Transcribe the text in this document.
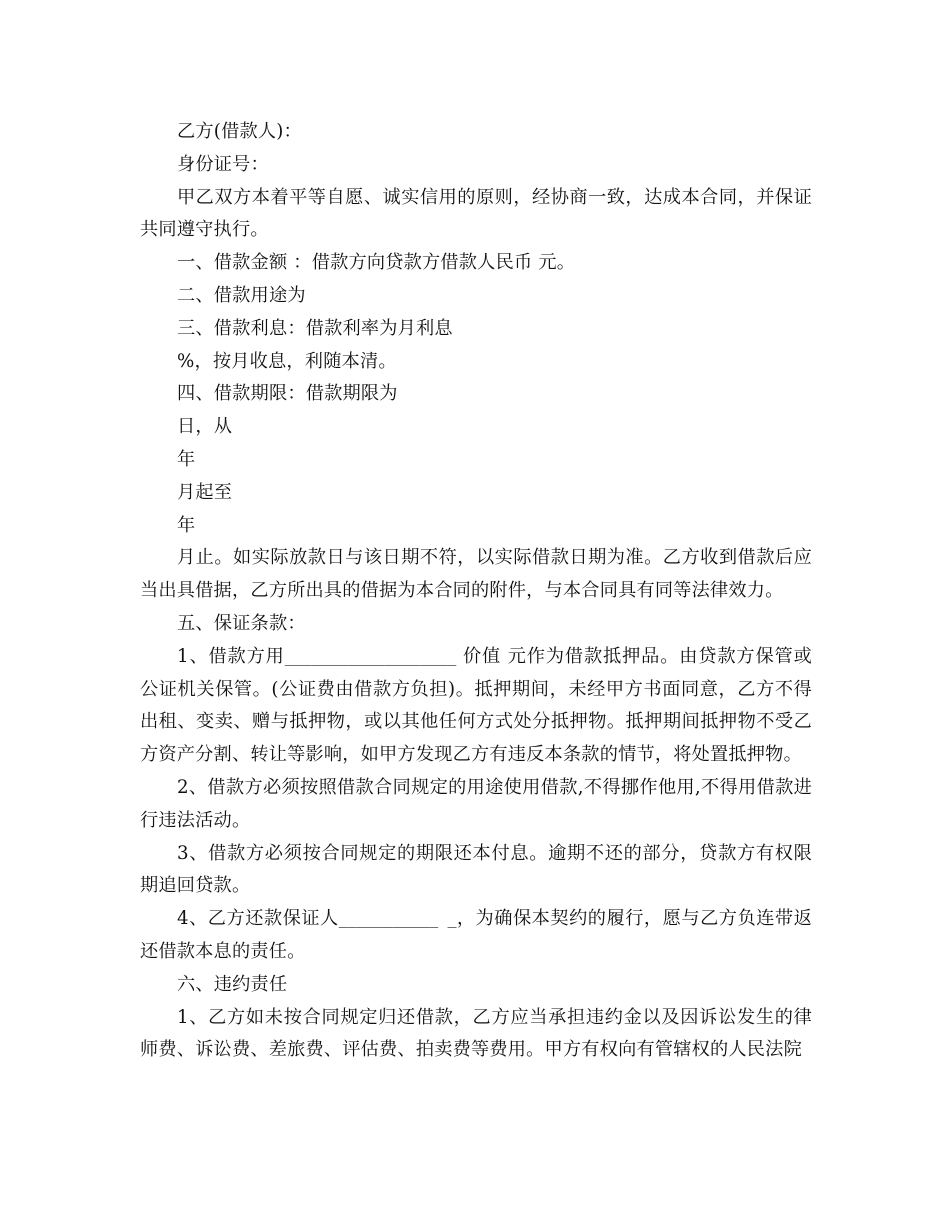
乙方(借款人)：

身份证号：

甲乙双方本着平等自愿、诚实信用的原则，经协商一致，达成本合同，并保证共同遵守执行。

一、借款金额 ：借款方向贷款方借款人民币 元。

二、借款用途为

三、借款利息：借款利率为月利息

%，按月收息，利随本清。

四、借款期限：借款期限为

日，从

年

月起至

年

月止。如实际放款日与该日期不符，以实际借款日期为准。乙方收到借款后应当出具借据，乙方所出具的借据为本合同的附件，与本合同具有同等法律效力。

五、保证条款：

1、借款方用___________________ 价值 元作为借款抵押品。由贷款方保管或公证机关保管。(公证费由借款方负担)。抵押期间，未经甲方书面同意，乙方不得出租、变卖、赠与抵押物，或以其他任何方式处分抵押物。抵押期间抵押物不受乙方资产分割、转让等影响，如甲方发现乙方有违反本条款的情节，将处置抵押物。

2、借款方必须按照借款合同规定的用途使用借款,不得挪作他用,不得用借款进行违法活动。

3、借款方必须按合同规定的期限还本付息。逾期不还的部分，贷款方有权限期追回贷款。

4、乙方还款保证人___________ _，为确保本契约的履行，愿与乙方负连带返还借款本息的责任。

六、违约责任

1、乙方如未按合同规定归还借款，乙方应当承担违约金以及因诉讼发生的律师费、诉讼费、差旅费、评估费、拍卖费等费用。甲方有权向有管辖权的人民法院
